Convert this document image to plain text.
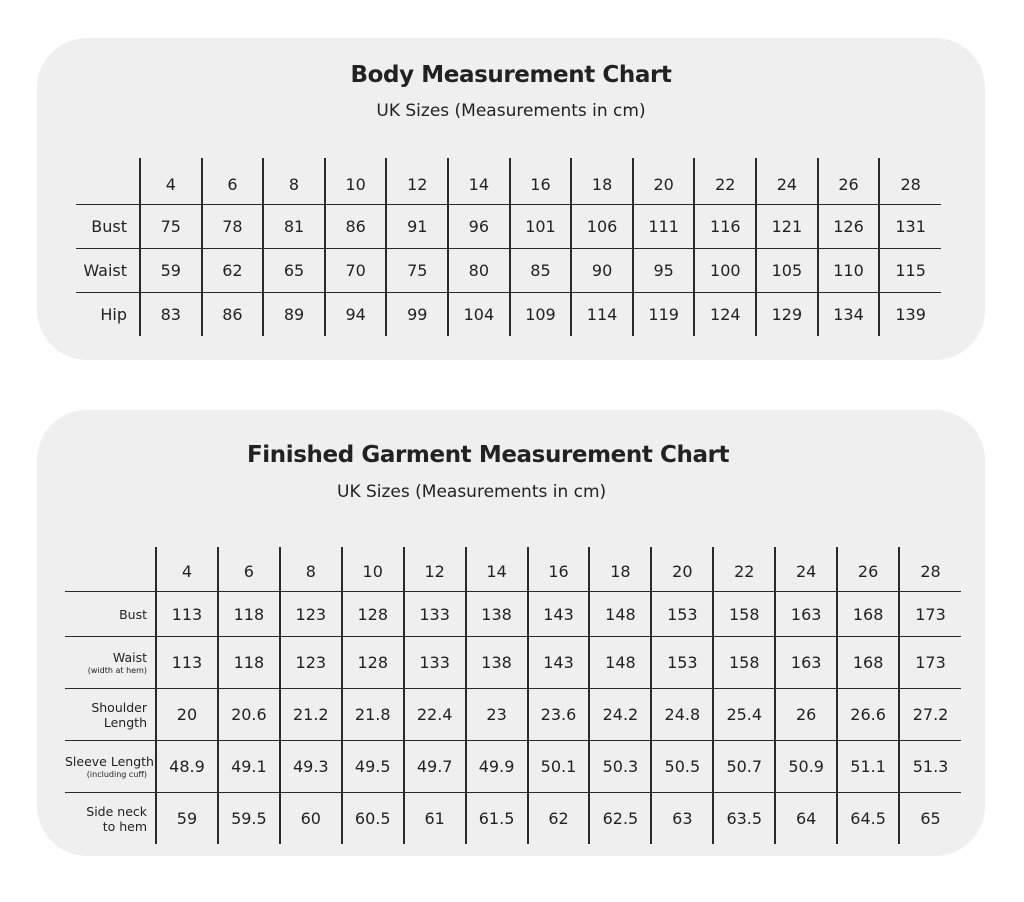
Body Measurement Chart
UK Sizes (Measurements in cm)
	4	6	8	10	12	14	16	18	20	22	24	26	28
Bust	75	78	81	86	91	96	101	106	111	116	121	126	131
Waist	59	62	65	70	75	80	85	90	95	100	105	110	115
Hip	83	86	89	94	99	104	109	114	119	124	129	134	139
Finished Garment Measurement Chart
UK Sizes (Measurements in cm)
	4	6	8	10	12	14	16	18	20	22	24	26	28
Bust	113	118	123	128	133	138	143	148	153	158	163	168	173
Waist
(width at hem)	113	118	123	128	133	138	143	148	153	158	163	168	173
Shoulder
Length	20	20.6	21.2	21.8	22.4	23	23.6	24.2	24.8	25.4	26	26.6	27.2
Sleeve Length
(including cuff)	48.9	49.1	49.3	49.5	49.7	49.9	50.1	50.3	50.5	50.7	50.9	51.1	51.3
Side neck
to hem	59	59.5	60	60.5	61	61.5	62	62.5	63	63.5	64	64.5	65
